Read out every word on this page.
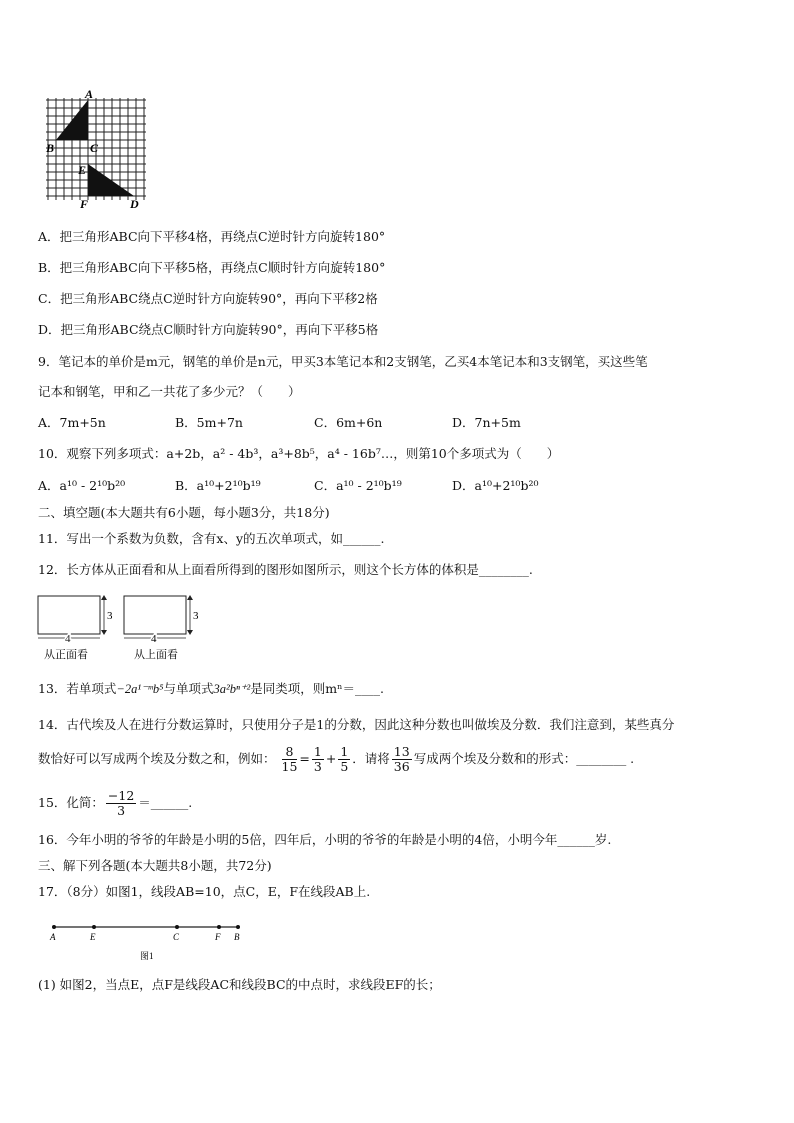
A
B	C
E
F	D
A．把三角形ABC向下平移4格，再绕点C逆时针方向旋转180°
B．把三角形ABC向下平移5格，再绕点C顺时针方向旋转180°
C．把三角形ABC绕点C逆时针方向旋转90°，再向下平移2格
D．把三角形ABC绕点C顺时针方向旋转90°，再向下平移5格
9．笔记本的单价是m元，钢笔的单价是n元，甲买3本笔记本和2支钢笔，乙买4本笔记本和3支钢笔，买这些笔
记本和钢笔，甲和乙一共花了多少元？（　　）
A．7m+5n	B．5m+7n	C．6m+6n	D．7n+5m
10．观察下列多项式：a+2b，a² - 4b³，a³+8b⁵，a⁴ - 16b⁷…，则第10个多项式为（　　）
A．a¹⁰ - 2¹⁰b²⁰	B．a¹⁰+2¹⁰b¹⁹	C．a¹⁰ - 2¹⁰b¹⁹	D．a¹⁰+2¹⁰b²⁰
二、填空题(本大题共有6小题，每小题3分，共18分)
11．写出一个系数为负数，含有x、y的五次单项式，如______.
12．长方体从正面看和从上面看所得到的图形如图所示，则这个长方体的体积是________.
3
4
从正面看
3
4
从上面看
13．若单项式−2a¹⁻ᵐb⁵与单项式3a²bⁿ⁺²是同类项，则mⁿ＝____.
14．古代埃及人在进行分数运算时，只使用分子是1的分数，因此这种分数也叫做埃及分数．我们注意到，某些真分
数恰好可以写成两个埃及分数之和，例如： $\frac{8}{15} = \frac{1}{3} + \frac{1}{5}$ ．请将 $\frac{13}{36}$ 写成两个埃及分数和的形式：________ .
15．化简： $\frac{-12}{3}$ ＝______.
16．今年小明的爷爷的年龄是小明的5倍，四年后，小明的爷爷的年龄是小明的4倍，小明今年______岁.
三、解下列各题(本大题共8小题，共72分)
17．（8分）如图1，线段AB=10，点C，E，F在线段AB上.
A	E	C	F B
图1
(1) 如图2，当点E，点F是线段AC和线段BC的中点时，求线段EF的长；
